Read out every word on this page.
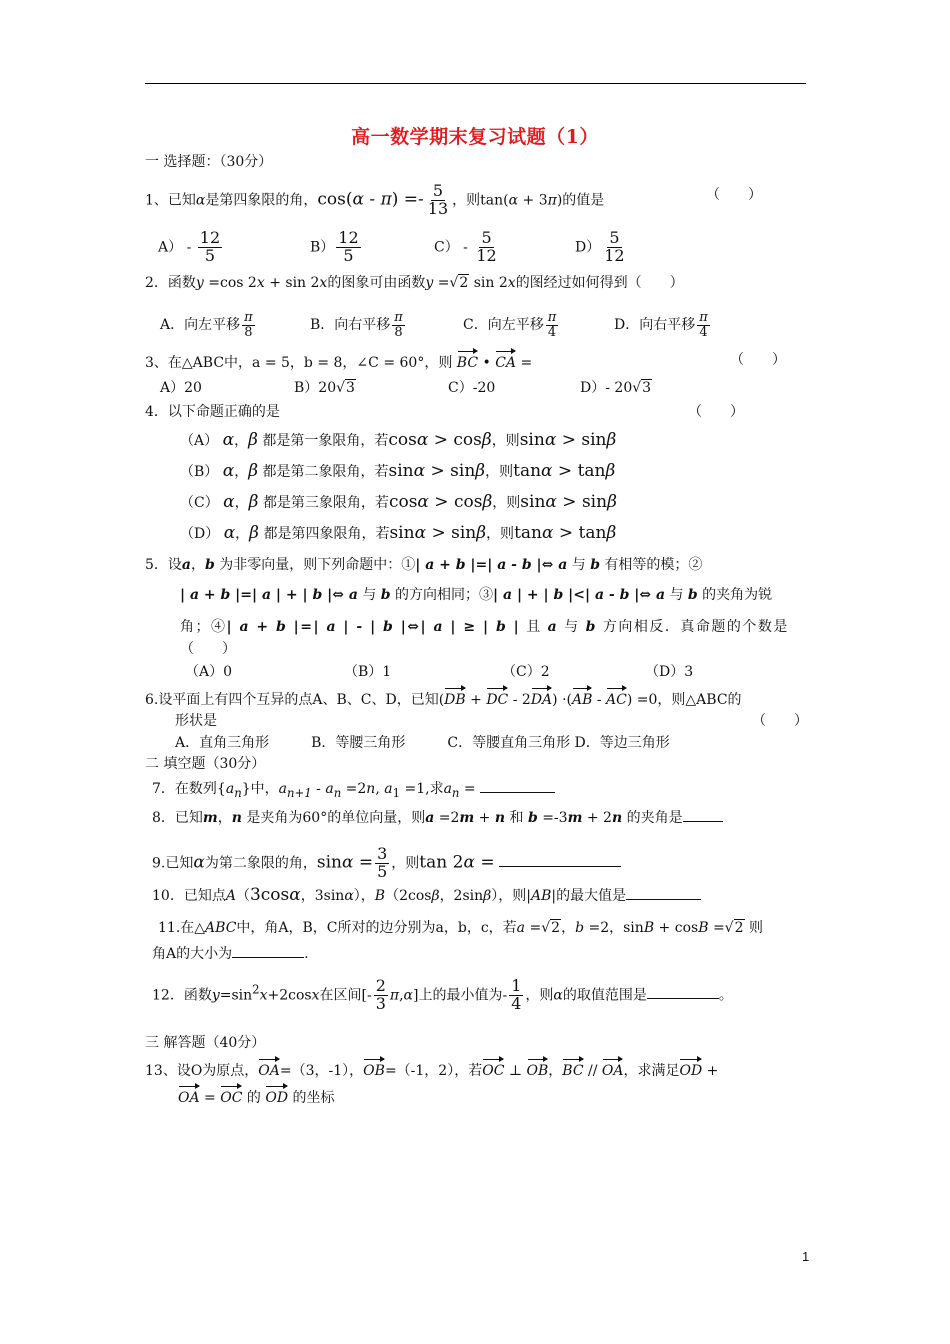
高一数学期末复习试题（1）
一 选择题：（30分）
1、已知α是第四象限的角，$\cos(\alpha - \pi) =- \frac{5}{13}$ ，则tan(α + 3π)的值是	（　　）
$A) - \frac{12}{5}$	$B) \frac{12}{5}$	$C) - \frac{5}{12}$	$D) \frac{5}{12}$
2．函数y =cos 2x + sin 2x的图象可由函数y =√2 sin 2x的图经过如何得到（　　）
A．向左平移 $\frac{\pi}{8}$	B．向右平移 $\frac{\pi}{8}$	C．向左平移 $\frac{\pi}{4}$	D．向右平移 $\frac{\pi}{4}$
3、在△ABC中，a = 5，b = 8，∠C = 60°，则 BC • CA =	（　　）
A）20	B）20√3	C）-20	D）- 20√3
4．以下命题正确的是	（　　）
（A） α，β 都是第一象限角，若cosα > cosβ，则sinα > sinβ
（B） α，β 都是第二象限角，若sinα > sinβ，则tanα > tanβ
（C） α，β 都是第三象限角，若cosα > cosβ，则sinα > sinβ
（D） α，β 都是第四象限角，若sinα > sinβ，则tanα > tanβ
5．设a，b 为非零向量，则下列命题中：①| a + b |=| a - b |⇔ a 与 b 有相等的模；②
| a + b |=| a | + | b |⇔ a 与 b 的方向相同；③| a | + | b |<| a - b |⇔ a 与 b 的夹角为锐
角；④| a + b |=| a | - | b |⇔| a | ≥ | b | 且 a 与 b 方向相反．真命题的个数是
（　　）
（A）0	（B）1	（C）2	（D）3
6.设平面上有四个互异的点A、B、C、D，已知(DB + DC - 2DA) ·(AB - AC) =0，则△ABC的
形状是	（　　）
A．直角三角形　　　B．等腰三角形　　　C．等腰直角三角形 D．等边三角形
二 填空题（30分）
7．在数列$\{a_n\}$中，$a_{n+1} - a_n =2n$, $a_1 =1$,求$a_n$ =
8．已知m，n 是夹角为60°的单位向量，则a =2m + n 和 b =-3m + 2n 的夹角是
9.已知α为第二象限的角，$\sin\alpha = \frac{3}{5}$ ，则tan 2α =
10．已知点A（3cosα，3sinα），B（2cosβ，2sinβ），则|AB|的最大值是
11.在△ABC中，角A，B，C所对的边分别为a，b，c，若a =√2，b =2，sinB + cosB =√2 则
角A的大小为	.
12．函数$y=\sin^2x+2\cos x$在区间[- $\frac{2}{3} \pi,\alpha$]上的最小值为- $\frac{1}{4}$ ，则α的取值范围是	。
三 解答题（40分）
13、设O为原点，OA=（3，-1），OB=（-1，2），若OC ⊥ OB，BC // OA，求满足OD +
OA = OC 的 OD 的坐标
1
